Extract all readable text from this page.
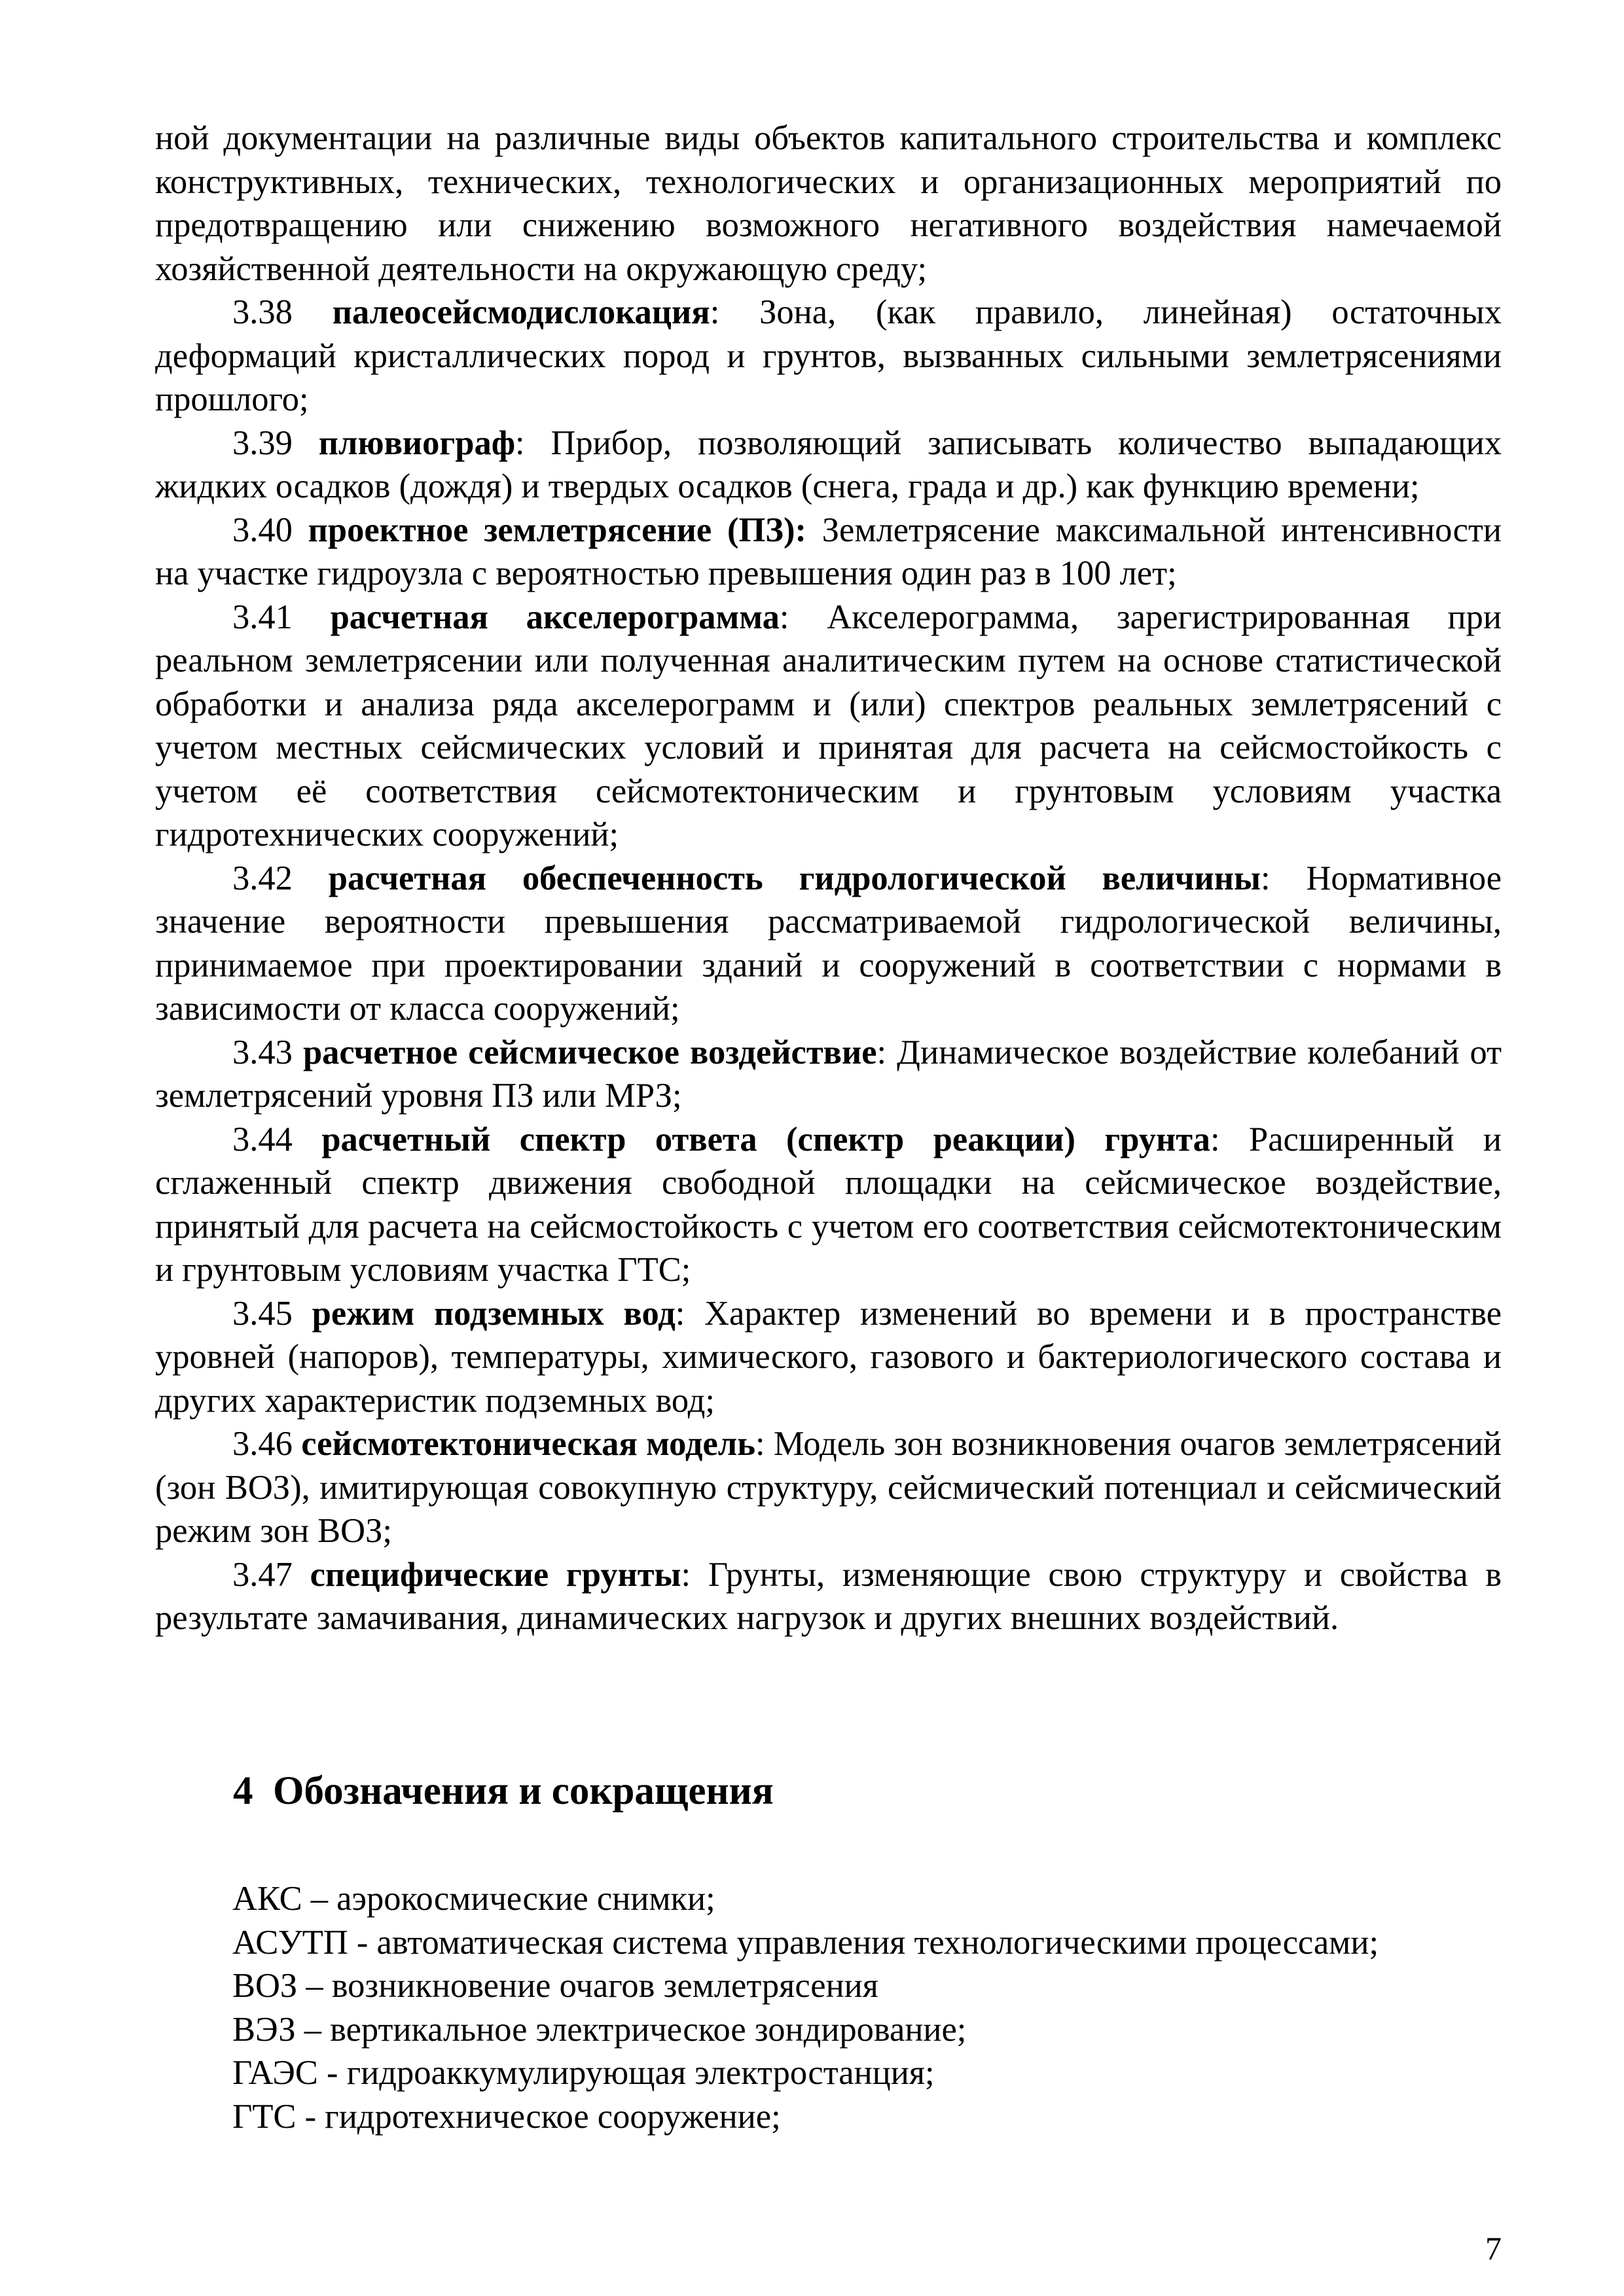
ной документации на различные виды объектов капитального строительства и комплекс конструктивных, технических, технологических и организационных мероприятий по предотвращению или снижению возможного негативного воздействия намечаемой хозяйственной деятельности на окружающую среду;

3.38 палеосейсмодислокация: Зона, (как правило, линейная) остаточных деформаций кристаллических пород и грунтов, вызванных сильными землетрясениями прошлого;

3.39 плювиограф: Прибор, позволяющий записывать количество выпадающих жидких осадков (дождя) и твердых осадков (снега, града и др.) как функцию времени;

3.40 проектное землетрясение (ПЗ): Землетрясение максимальной интенсивности на участке гидроузла с вероятностью превышения один раз в 100 лет;

3.41 расчетная акселерограмма: Акселерограмма, зарегистрированная при реальном землетрясении или полученная аналитическим путем на основе статистической обработки и анализа ряда акселерограмм и (или) спектров реальных землетрясений с учетом местных сейсмических условий и принятая для расчета на сейсмостойкость с учетом её соответствия сейсмотектоническим и грунтовым условиям участка гидротехнических сооружений;

3.42 расчетная обеспеченность гидрологической величины: Нормативное значение вероятности превышения рассматриваемой гидрологической величины, принимаемое при проектировании зданий и сооружений в соответствии с нормами в зависимости от класса сооружений;

3.43 расчетное сейсмическое воздействие: Динамическое воздействие колебаний от землетрясений уровня ПЗ или МРЗ;

3.44 расчетный спектр ответа (спектр реакции) грунта: Расширенный и сглаженный спектр движения свободной площадки на сейсмическое воздействие, принятый для расчета на сейсмостойкость с учетом его соответствия сейсмотектоническим и грунтовым условиям участка ГТС;

3.45 режим подземных вод: Характер изменений во времени и в пространстве уровней (напоров), температуры, химического, газового и бактериологического состава и других характеристик подземных вод;

3.46 сейсмотектоническая модель: Модель зон возникновения очагов землетрясений (зон ВОЗ), имитирующая совокупную структуру, сейсмический потенциал и сейсмический режим зон ВОЗ;

3.47 специфические грунты: Грунты, изменяющие свою структуру и свойства в результате замачивания, динамических нагрузок и других внешних воздействий.

4 Обозначения и сокращения

АКС – аэрокосмические снимки;

АСУТП - автоматическая система управления технологическими процессами;

ВОЗ – возникновение очагов землетрясения

ВЭЗ – вертикальное электрическое зондирование;

ГАЭС - гидроаккумулирующая электростанция;

ГТС - гидротехническое сооружение;

7
